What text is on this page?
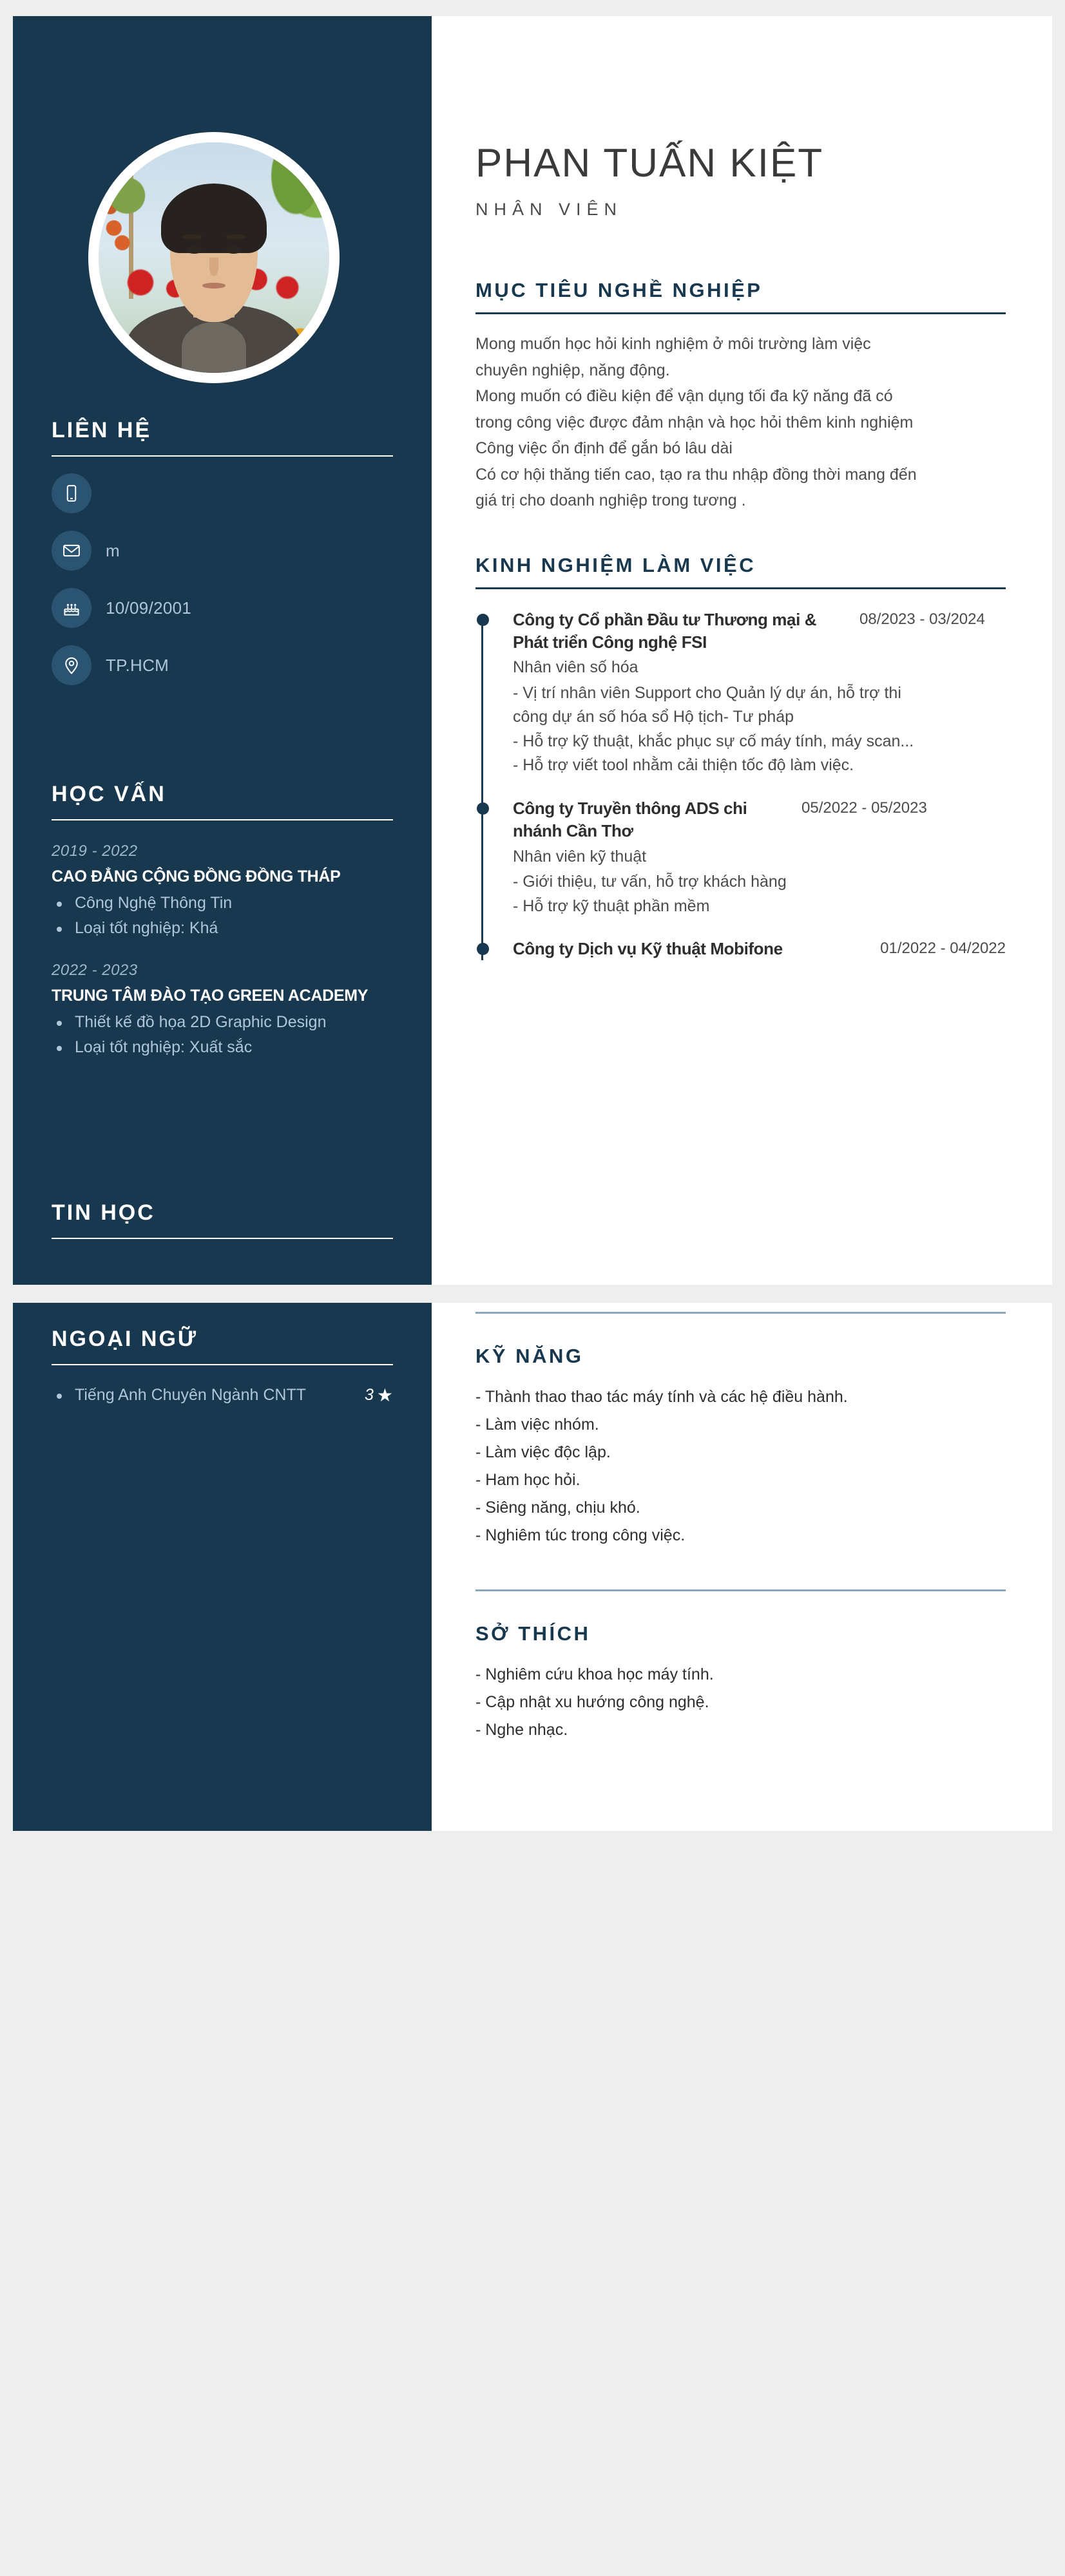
LIÊN HỆ
m
10/09/2001
TP.HCM
HỌC VẤN
2019 - 2022
CAO ĐẲNG CỘNG ĐỒNG ĐỒNG THÁP
Công Nghệ Thông Tin
Loại tốt nghiệp: Khá
2022 - 2023
TRUNG TÂM ĐÀO TẠO GREEN ACADEMY
Thiết kế đồ họa 2D Graphic Design
Loại tốt nghiệp: Xuất sắc
TIN HỌC
PHAN TUẤN KIỆT
NHÂN VIÊN
MỤC TIÊU NGHỀ NGHIỆP
Mong muốn học hỏi kinh nghiệm ở môi trường làm việc
chuyên nghiệp, năng động.
Mong muốn có điều kiện để vận dụng tối đa kỹ năng đã có
trong công việc được đảm nhận và học hỏi thêm kinh nghiệm
Công việc ổn định để gắn bó lâu dài
Có cơ hội thăng tiến cao, tạo ra thu nhập đồng thời mang đến
giá trị cho doanh nghiệp trong tương .
KINH NGHIỆM LÀM VIỆC
Công ty Cổ phần Đầu tư Thương mại & Phát triển Công nghệ FSI
08/2023 - 03/2024
Nhân viên số hóa
- Vị trí nhân viên Support cho Quản lý dự án, hỗ trợ thi
công dự án số hóa sổ Hộ tịch- Tư pháp
- Hỗ trợ kỹ thuật, khắc phục sự cố máy tính, máy scan...
- Hỗ trợ viết tool nhằm cải thiện tốc độ làm việc.
Công ty Truyền thông ADS chi nhánh Cần Thơ
05/2022 - 05/2023
Nhân viên kỹ thuật
- Giới thiệu, tư vấn, hỗ trợ khách hàng
- Hỗ trợ kỹ thuật phần mềm
Công ty Dịch vụ Kỹ thuật Mobifone	01/2022 - 04/2022
NGOẠI NGỮ
Tiếng Anh Chuyên Ngành CNTT	3 ★
KỸ NĂNG
- Thành thao thao tác máy tính và các hệ điều hành.
- Làm việc nhóm.
- Làm việc độc lập.
- Ham học hỏi.
- Siêng năng, chịu khó.
- Nghiêm túc trong công việc.
SỞ THÍCH
- Nghiêm cứu khoa học máy tính.
- Cập nhật xu hướng công nghệ.
- Nghe nhạc.
